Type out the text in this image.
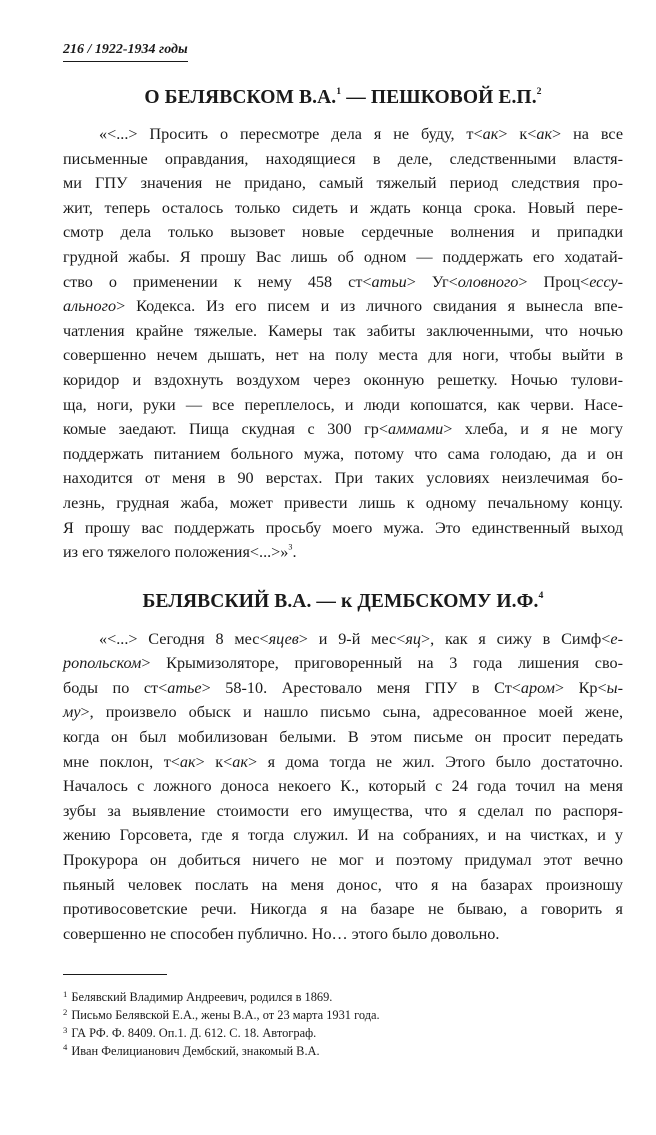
216 / 1922-1934 годы
О БЕЛЯВСКОМ В.А.$^1$ — ПЕШКОВОЙ Е.П.$^2$
«<...> Просить о пересмотре дела я не буду, т<ак> к<ак> на все
письменные оправдания, находящиеся в деле, следственными властя-
ми ГПУ значения не придано, самый тяжелый период следствия про-
жит, теперь осталось только сидеть и ждать конца срока. Новый пере-
смотр дела только вызовет новые сердечные волнения и припадки
грудной жабы. Я прошу Вас лишь об одном — поддержать его ходатай-
ство о применении к нему 458 ст<атьи> Уг<оловного> Проц<ессу-
ального> Кодекса. Из его писем и из личного свидания я вынесла впе-
чатления крайне тяжелые. Камеры так забиты заключенными, что ночью
совершенно нечем дышать, нет на полу места для ноги, чтобы выйти в
коридор и вздохнуть воздухом через оконную решетку. Ночью тулови-
ща, ноги, руки — все переплелось, и люди копошатся, как черви. Насе-
комые заедают. Пища скудная с 300 гр<аммами> хлеба, и я не могу
поддержать питанием больного мужа, потому что сама голодаю, да и он
находится от меня в 90 верстах. При таких условиях неизлечимая бо-
лезнь, грудная жаба, может привести лишь к одному печальному концу.
Я прошу вас поддержать просьбу моего мужа. Это единственный выход
из его тяжелого положения<...>»$^3$.
БЕЛЯВСКИЙ В.А. — к ДЕМБСКОМУ И.Ф.$^4$
«<...> Сегодня 8 мес<яцев> и 9-й мес<яц>, как я сижу в Симф<е-
ропольском> Крымизоляторе, приговоренный на 3 года лишения сво-
боды по ст<атье> 58-10. Арестовало меня ГПУ в Ст<аром> Кр<ы-
му>, произвело обыск и нашло письмо сына, адресованное моей жене,
когда он был мобилизован белыми. В этом письме он просит передать
мне поклон, т<ак> к<ак> я дома тогда не жил. Этого было достаточно.
Началось с ложного доноса некоего К., который с 24 года точил на меня
зубы за выявление стоимости его имущества, что я сделал по распоря-
жению Горсовета, где я тогда служил. И на собраниях, и на чистках, и у
Прокурора он добиться ничего не мог и поэтому придумал этот вечно
пьяный человек послать на меня донос, что я на базарах произношу
противосоветские речи. Никогда я на базаре не бываю, а говорить я
совершенно не способен публично. Но… этого было довольно.
$^1$ Белявский Владимир Андреевич, родился в 1869.
$^2$ Письмо Белявской Е.А., жены В.А., от 23 марта 1931 года.
$^3$ ГА РФ. Ф. 8409. Оп.1. Д. 612. С. 18. Автограф.
$^4$ Иван Фелицианович Дембский, знакомый В.А.
